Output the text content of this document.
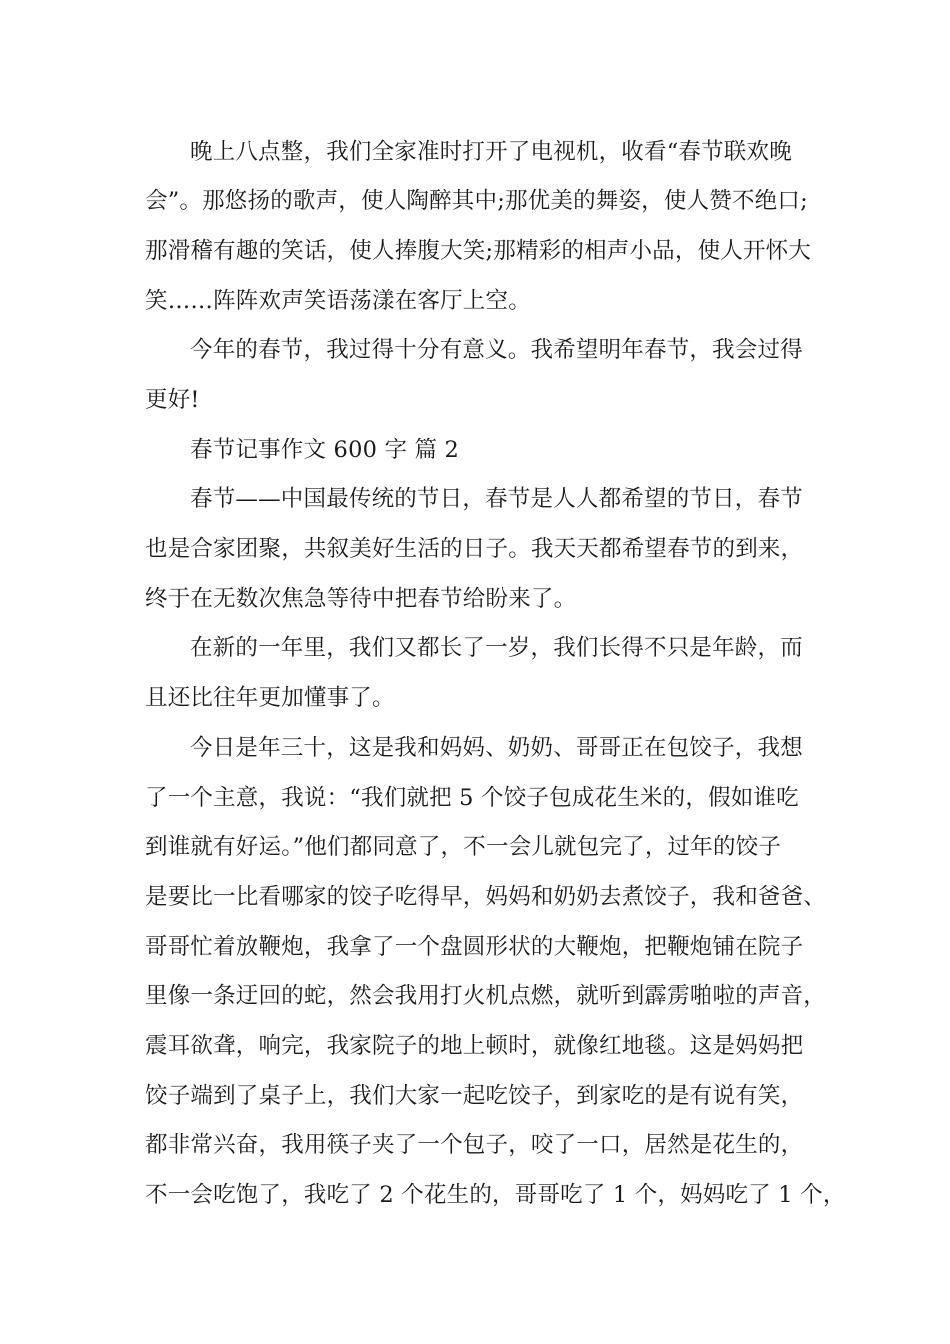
晚上八点整，我们全家准时打开了电视机，收看“春节联欢晚
会”。那悠扬的歌声，使人陶醉其中;那优美的舞姿，使人赞不绝口;
那滑稽有趣的笑话，使人捧腹大笑;那精彩的相声小品，使人开怀大
笑……阵阵欢声笑语荡漾在客厅上空。
今年的春节，我过得十分有意义。我希望明年春节，我会过得
更好!
春节记事作文 600 字 篇 2
春节——中国最传统的节日，春节是人人都希望的节日，春节
也是合家团聚，共叙美好生活的日子。我天天都希望春节的到来，
终于在无数次焦急等待中把春节给盼来了。
在新的一年里，我们又都长了一岁，我们长得不只是年龄，而
且还比往年更加懂事了。
今日是年三十，这是我和妈妈、奶奶、哥哥正在包饺子，我想
了一个主意，我说：“我们就把 5 个饺子包成花生米的，假如谁吃
到谁就有好运。”他们都同意了，不一会儿就包完了，过年的饺子
是要比一比看哪家的饺子吃得早，妈妈和奶奶去煮饺子，我和爸爸、
哥哥忙着放鞭炮，我拿了一个盘圆形状的大鞭炮，把鞭炮铺在院子
里像一条迂回的蛇，然会我用打火机点燃，就听到霹雳啪啦的声音，
震耳欲聋，响完，我家院子的地上顿时，就像红地毯。这是妈妈把
饺子端到了桌子上，我们大家一起吃饺子，到家吃的是有说有笑，
都非常兴奋，我用筷子夹了一个包子，咬了一口，居然是花生的，
不一会吃饱了，我吃了 2 个花生的，哥哥吃了 1 个，妈妈吃了 1 个，
